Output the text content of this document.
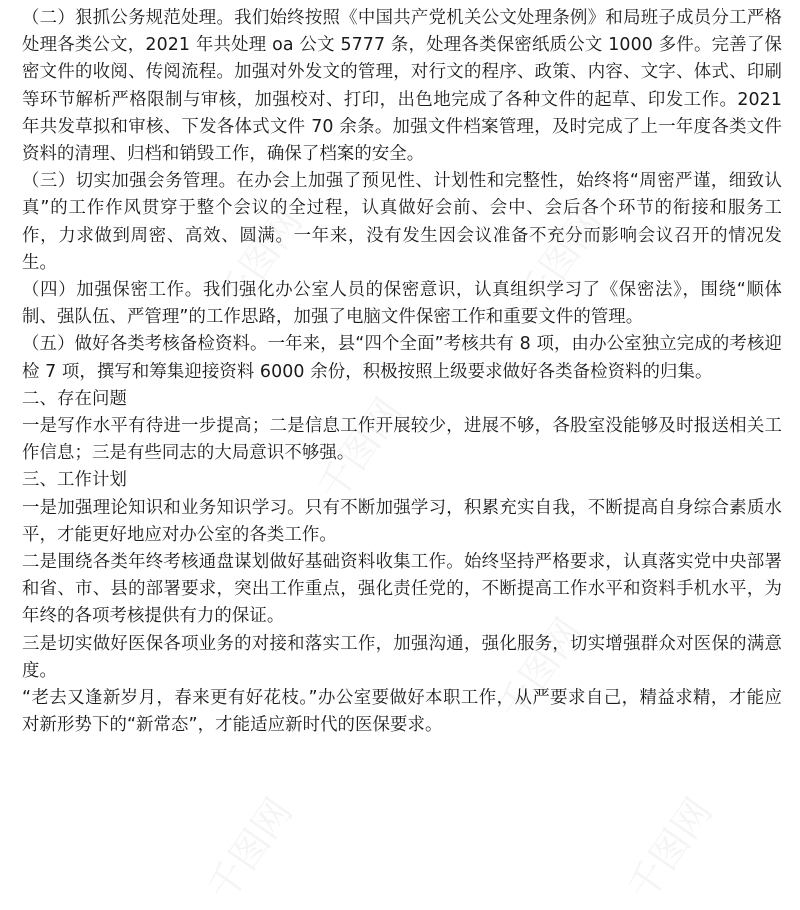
千图网	千图网
千图网
千图网
千图网	千图网

（二）狠抓公务规范处理。我们始终按照《中国共产党机关公文处理条例》和局班子成员分工严格处理各类公文，2021 年共处理 oa 公文 5777 条，处理各类保密纸质公文 1000 多件。完善了保密文件的收阅、传阅流程。加强对外发文的管理，对行文的程序、政策、内容、文字、体式、印刷等环节解析严格限制与审核，加强校对、打印，出色地完成了各种文件的起草、印发工作。2021 年共发草拟和审核、下发各体式文件 70 余条。加强文件档案管理，及时完成了上一年度各类文件资料的清理、归档和销毁工作，确保了档案的安全。

（三）切实加强会务管理。在办会上加强了预见性、计划性和完整性，始终将“周密严谨，细致认真”的工作作风贯穿于整个会议的全过程，认真做好会前、会中、会后各个环节的衔接和服务工作，力求做到周密、高效、圆满。一年来，没有发生因会议准备不充分而影响会议召开的情况发生。

（四）加强保密工作。我们强化办公室人员的保密意识，认真组织学习了《保密法》，围绕“顺体制、强队伍、严管理”的工作思路，加强了电脑文件保密工作和重要文件的管理。

（五）做好各类考核备检资料。一年来，县“四个全面”考核共有 8 项，由办公室独立完成的考核迎检 7 项，撰写和筹集迎接资料 6000 余份，积极按照上级要求做好各类备检资料的归集。

二、存在问题

一是写作水平有待进一步提高；二是信息工作开展较少，进展不够，各股室没能够及时报送相关工作信息；三是有些同志的大局意识不够强。

三、工作计划

一是加强理论知识和业务知识学习。只有不断加强学习，积累充实自我，不断提高自身综合素质水平，才能更好地应对办公室的各类工作。

二是围绕各类年终考核通盘谋划做好基础资料收集工作。始终坚持严格要求，认真落实党中央部署和省、市、县的部署要求，突出工作重点，强化责任党的，不断提高工作水平和资料手机水平，为年终的各项考核提供有力的保证。

三是切实做好医保各项业务的对接和落实工作，加强沟通，强化服务，切实增强群众对医保的满意度。

“老去又逢新岁月，春来更有好花枝。”办公室要做好本职工作，从严要求自己，精益求精，才能应对新形势下的“新常态”，才能适应新时代的医保要求。
